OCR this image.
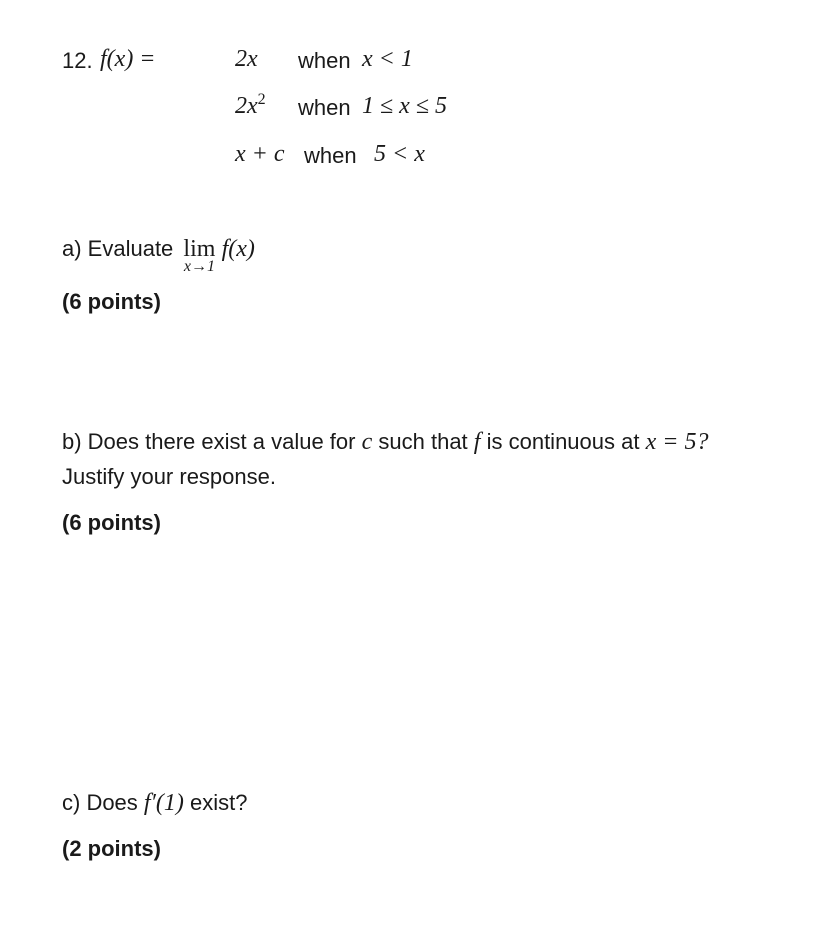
12. f(x) =	2x when x < 1
$2x^2$ when 1 ≤ x ≤ 5
x + c when 5 < x
a) Evaluate lim
x→1
f(x)
(6 points)
b) Does there exist a value for c such that f is continuous at x = 5?
Justify your response.
(6 points)
c) Does f′(1) exist?
(2 points)
